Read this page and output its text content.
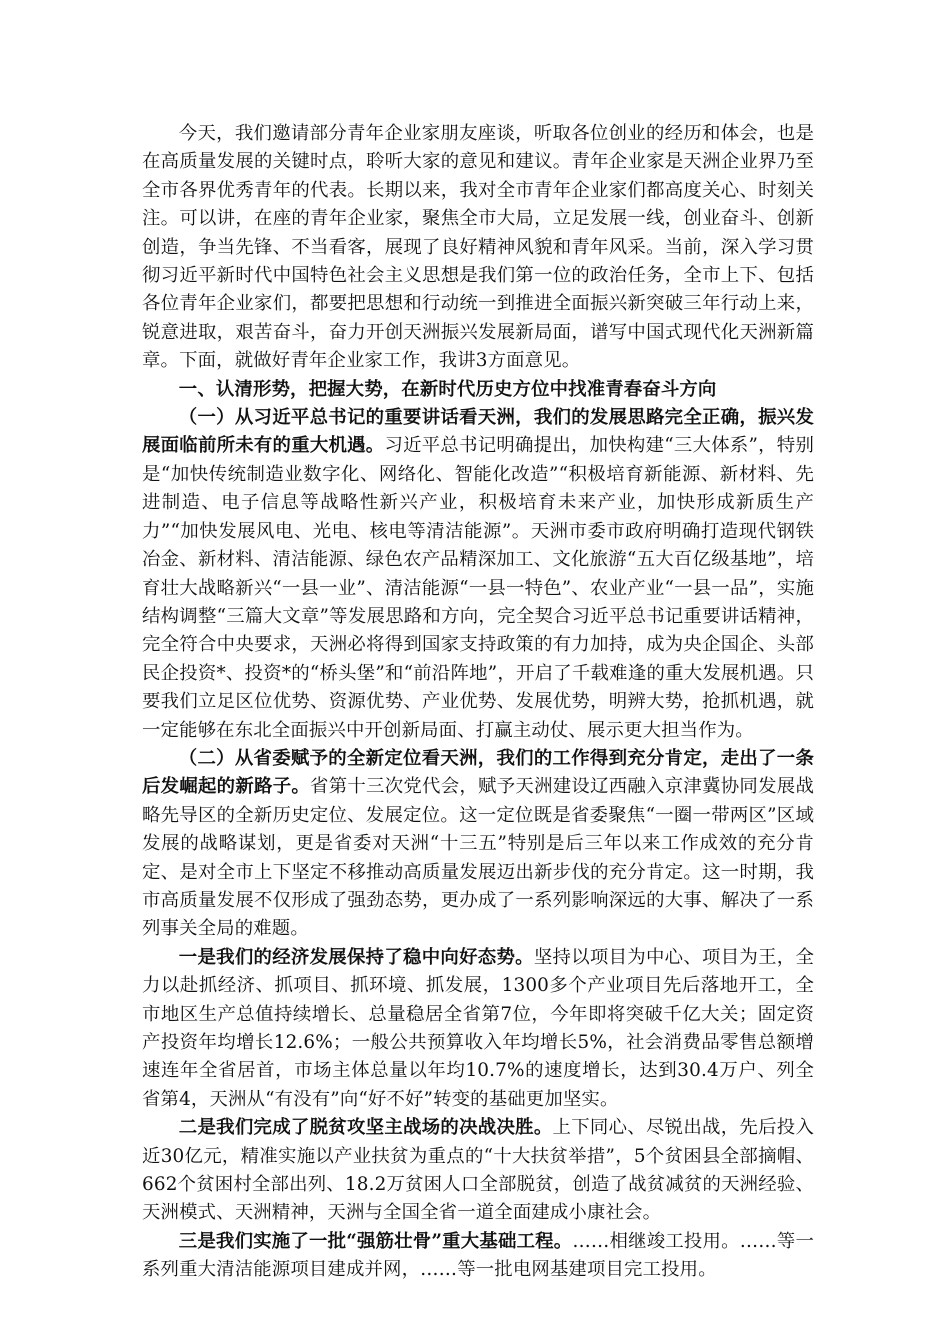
今天，我们邀请部分青年企业家朋友座谈，听取各位创业的经历和体会，也是在高质量发展的关键时点，聆听大家的意见和建议。青年企业家是天洲企业界乃至全市各界优秀青年的代表。长期以来，我对全市青年企业家们都高度关心、时刻关注。可以讲，在座的青年企业家，聚焦全市大局，立足发展一线，创业奋斗、创新创造，争当先锋、不当看客，展现了良好精神风貌和青年风采。当前，深入学习贯彻习近平新时代中国特色社会主义思想是我们第一位的政治任务，全市上下、包括各位青年企业家们，都要把思想和行动统一到推进全面振兴新突破三年行动上来，锐意进取，艰苦奋斗，奋力开创天洲振兴发展新局面，谱写中国式现代化天洲新篇章。下面，就做好青年企业家工作，我讲3方面意见。

一、认清形势，把握大势，在新时代历史方位中找准青春奋斗方向

（一）从习近平总书记的重要讲话看天洲，我们的发展思路完全正确，振兴发展面临前所未有的重大机遇。习近平总书记明确提出，加快构建“三大体系”，特别是“加快传统制造业数字化、网络化、智能化改造”“积极培育新能源、新材料、先进制造、电子信息等战略性新兴产业，积极培育未来产业，加快形成新质生产力”“加快发展风电、光电、核电等清洁能源”。天洲市委市政府明确打造现代钢铁冶金、新材料、清洁能源、绿色农产品精深加工、文化旅游“五大百亿级基地”，培育壮大战略新兴“一县一业”、清洁能源“一县一特色”、农业产业“一县一品”，实施结构调整“三篇大文章”等发展思路和方向，完全契合习近平总书记重要讲话精神，完全符合中央要求，天洲必将得到国家支持政策的有力加持，成为央企国企、头部民企投资*、投资*的“桥头堡”和“前沿阵地”，开启了千载难逢的重大发展机遇。只要我们立足区位优势、资源优势、产业优势、发展优势，明辨大势，抢抓机遇，就一定能够在东北全面振兴中开创新局面、打赢主动仗、展示更大担当作为。

（二）从省委赋予的全新定位看天洲，我们的工作得到充分肯定，走出了一条后发崛起的新路子。省第十三次党代会，赋予天洲建设辽西融入京津冀协同发展战略先导区的全新历史定位、发展定位。这一定位既是省委聚焦“一圈一带两区”区域发展的战略谋划，更是省委对天洲“十三五”特别是后三年以来工作成效的充分肯定、是对全市上下坚定不移推动高质量发展迈出新步伐的充分肯定。这一时期，我市高质量发展不仅形成了强劲态势，更办成了一系列影响深远的大事、解决了一系列事关全局的难题。

一是我们的经济发展保持了稳中向好态势。坚持以项目为中心、项目为王，全力以赴抓经济、抓项目、抓环境、抓发展，1300多个产业项目先后落地开工，全市地区生产总值持续增长、总量稳居全省第7位，今年即将突破千亿大关；固定资产投资年均增长12.6%；一般公共预算收入年均增长5%，社会消费品零售总额增速连年全省居首，市场主体总量以年均10.7%的速度增长，达到30.4万户、列全省第4，天洲从“有没有”向“好不好”转变的基础更加坚实。

二是我们完成了脱贫攻坚主战场的决战决胜。上下同心、尽锐出战，先后投入近30亿元，精准实施以产业扶贫为重点的“十大扶贫举措”，5个贫困县全部摘帽、662个贫困村全部出列、18.2万贫困人口全部脱贫，创造了战贫减贫的天洲经验、天洲模式、天洲精神，天洲与全国全省一道全面建成小康社会。

三是我们实施了一批“强筋壮骨”重大基础工程。……相继竣工投用。……等一系列重大清洁能源项目建成并网，……等一批电网基建项目完工投用。
